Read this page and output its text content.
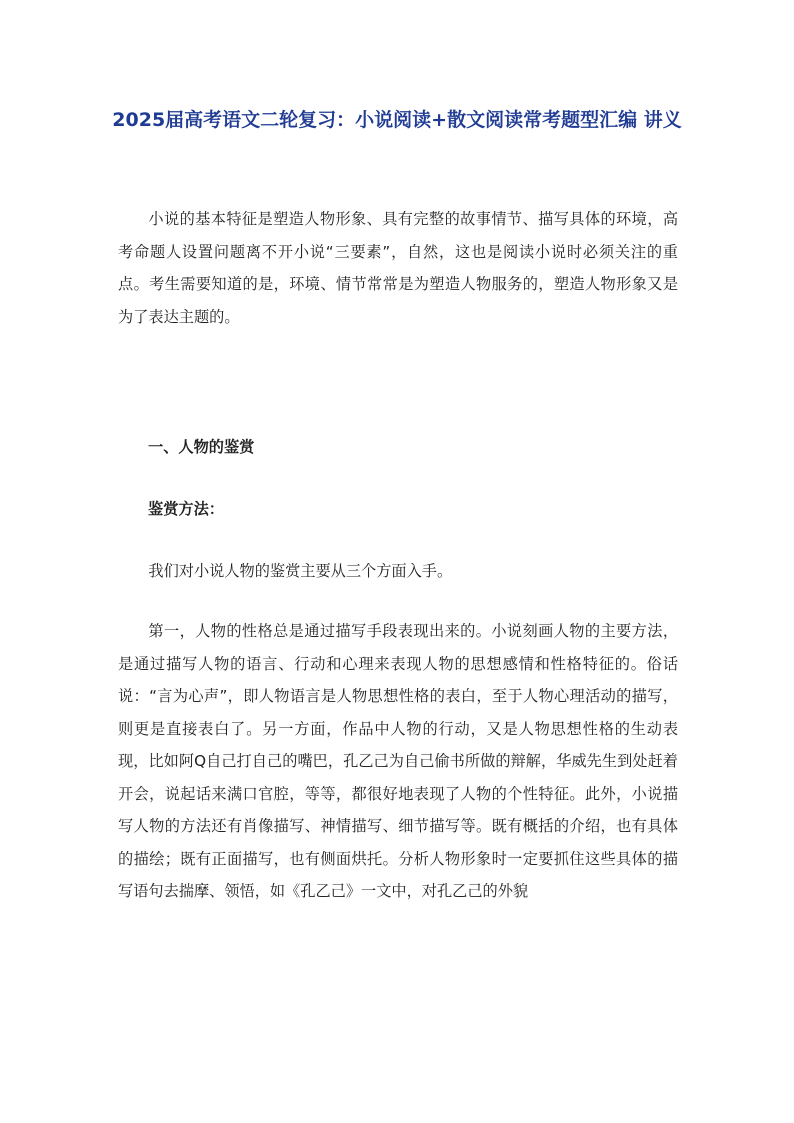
2025届高考语文二轮复习：小说阅读+散文阅读常考题型汇编 讲义

小说的基本特征是塑造人物形象、具有完整的故事情节、描写具体的环境，高考命题人设置问题离不开小说“三要素”，自然，这也是阅读小说时必须关注的重点。考生需要知道的是，环境、情节常常是为塑造人物服务的，塑造人物形象又是为了表达主题的。

一、人物的鉴赏

鉴赏方法：

我们对小说人物的鉴赏主要从三个方面入手。

第一，人物的性格总是通过描写手段表现出来的。小说刻画人物的主要方法，是通过描写人物的语言、行动和心理来表现人物的思想感情和性格特征的。俗话说：“言为心声”，即人物语言是人物思想性格的表白，至于人物心理活动的描写，则更是直接表白了。另一方面，作品中人物的行动，又是人物思想性格的生动表现，比如阿Q自己打自己的嘴巴，孔乙己为自己偷书所做的辩解，华威先生到处赶着开会，说起话来满口官腔，等等，都很好地表现了人物的个性特征。此外，小说描写人物的方法还有肖像描写、神情描写、细节描写等。既有概括的介绍，也有具体的描绘；既有正面描写，也有侧面烘托。分析人物形象时一定要抓住这些具体的描写语句去揣摩、领悟，如《孔乙己》一文中，对孔乙己的外貌
